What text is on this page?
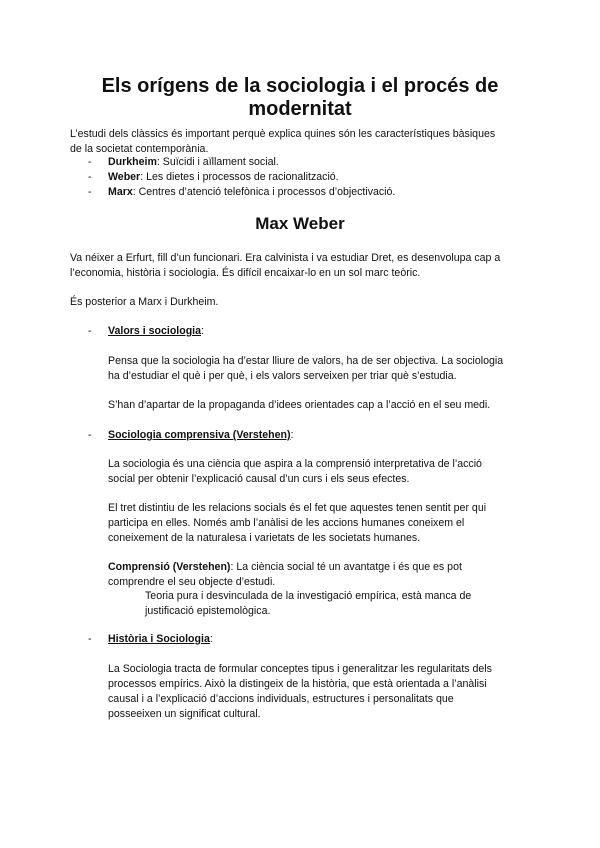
Els orígens de la sociologia i el procés de
modernitat

L’estudi dels clàssics és important perquè explica quines són les característiques bàsiques
de la societat contemporània.

- Durkheim: Suïcidi i aïllament social.

- Weber: Les dietes i processos de racionalització.

- Marx: Centres d’atenció telefònica i processos d’objectivació.

Max Weber

Va néixer a Erfurt, fill d’un funcionari. Era calvinista i va estudiar Dret, es desenvolupa cap a
l’economia, història i sociologia. És difícil encaixar-lo en un sol marc teòric.

És posterior a Marx i Durkheim.

- Valors i sociologia:

Pensa que la sociologia ha d’estar lliure de valors, ha de ser objectiva. La sociologia
ha d’estudiar el què i per què, i els valors serveixen per triar què s’estudia.

S’han d’apartar de la propaganda d’idees orientades cap a l’acció en el seu medi.

- Sociologia comprensiva (Verstehen):

La sociologia és una ciència que aspira a la comprensió interpretativa de l’acció
social per obtenir l’explicació causal d’un curs i els seus efectes.

El tret distintiu de les relacions socials és el fet que aquestes tenen sentit per qui
participa en elles. Només amb l’anàlisi de les accions humanes coneixem el
coneixement de la naturalesa i varietats de les societats humanes.

Comprensió (Verstehen): La ciència social té un avantatge i és que es pot
comprendre el seu objecte d’estudi.

Teoria pura i desvinculada de la investigació empírica, està manca de
justificació epistemològica.

- Història i Sociologia:

La Sociologia tracta de formular conceptes tipus i generalitzar les regularitats dels
processos empírics. Això la distingeix de la història, que està orientada a l’anàlisi
causal i a l’explicació d’accions individuals, estructures i personalitats que
posseeixen un significat cultural.
